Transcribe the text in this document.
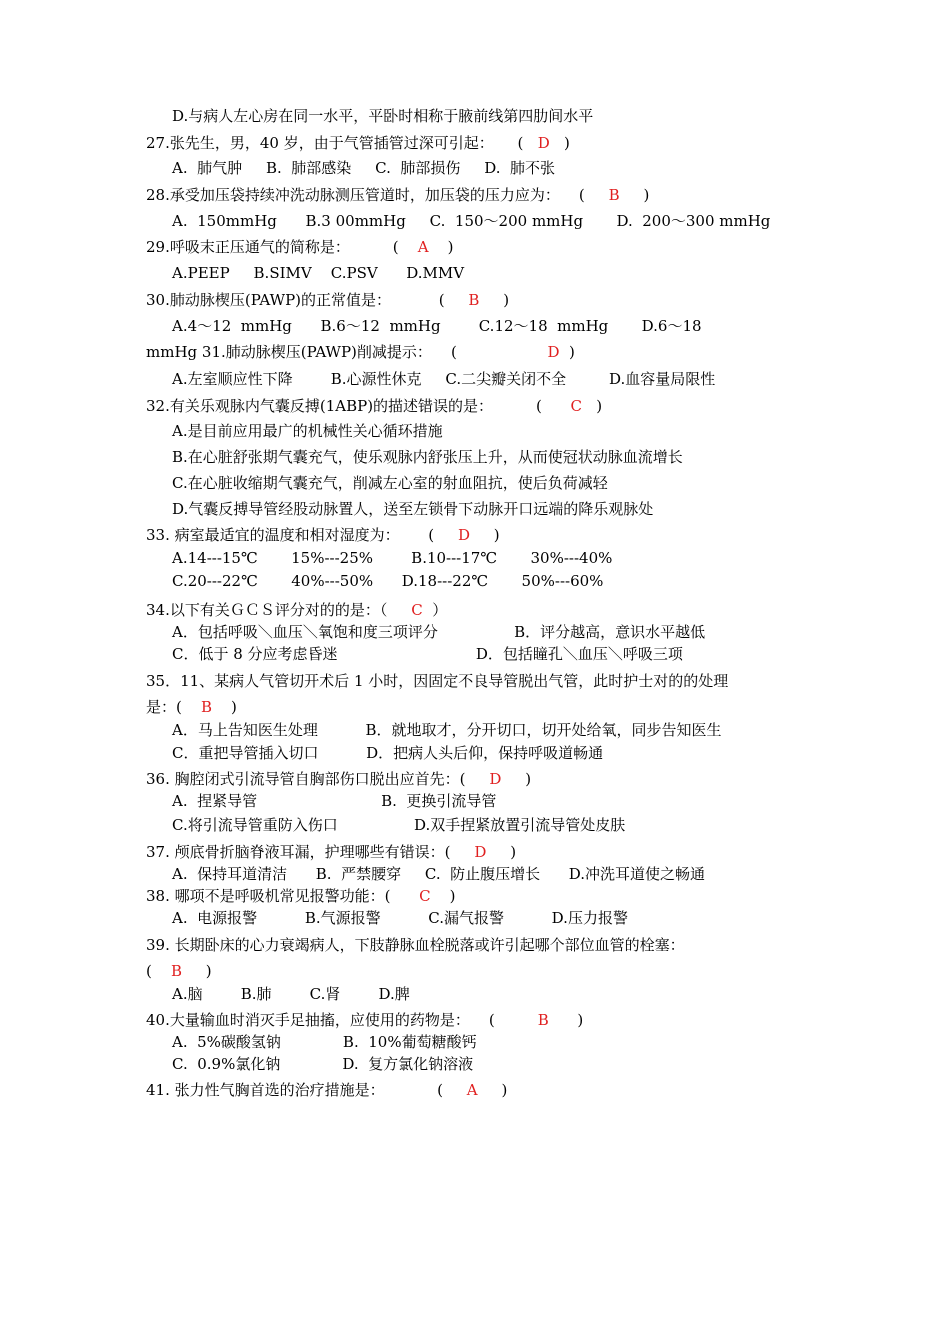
D.与病人左心房在同一水平，平卧时相称于腋前线第四肋间水平
27.张先生，男，40 岁，由于气管插管过深可引起：     (   D   )
A.  肺气肿     B.  肺部感染     C.  肺部损伤     D.  肺不张
28.承受加压袋持续冲洗动脉测压管道时，加压袋的压力应为：    (     B     )
A.  150mmHg      B.3 00mmHg     C.  150～200 mmHg       D.  200～300 mmHg
29.呼吸末正压通气的简称是：         (    A    )
A.PEEP     B.SIMV    C.PSV      D.MMV
30.肺动脉楔压(PAWP)的正常值是：          (     B     )
A.4～12  mmHg      B.6～12  mmHg        C.12～18  mmHg       D.6～18
mmHg 31.肺动脉楔压(PAWP)削减提示：    (                   D  )
A.左室顺应性下降        B.心源性休克     C.二尖瓣关闭不全         D.血容量局限性
32.有关乐观脉内气囊反搏(1ABP)的描述错误的是：         (      C   )
A.是目前应用最广的机械性关心循环措施
B.在心脏舒张期气囊充气，使乐观脉内舒张压上升，从而使冠状动脉血流增长
C.在心脏收缩期气囊充气，削减左心室的射血阻抗，使后负荷减轻
D.气囊反搏导管经股动脉置人，送至左锁骨下动脉开口远端的降乐观脉处
33. 病室最适宜的温度和相对湿度为：      (     D     )
A.14---15℃       15%---25%        B.10---17℃       30%---40%
C.20---22℃       40%---50%      D.18---22℃       50%---60%
34.以下有关ＧＣＳ评分对的的是：（     C  ）
A．包括呼吸＼血压＼氧饱和度三项评分                B．评分越高，意识水平越低
C．低于 8 分应考虑昏迷                             D．包括瞳孔＼血压＼呼吸三项
35．11、某病人气管切开术后 1 小时，因固定不良导管脱出气管，此时护士对的的处理
是：(    B    )
A．马上告知医生处理          B．就地取才，分开切口，切开处给氧，同步告知医生
C．重把导管插入切口          D．把病人头后仰，保持呼吸道畅通
36. 胸腔闭式引流导管自胸部伤口脱出应首先：(     D     )
A.  捏紧导管                          B.  更换引流导管
C.将引流导管重防入伤口                D.双手捏紧放置引流导管处皮肤
37. 颅底骨折脑脊液耳漏，护理哪些有错误：(     D     )
A.  保持耳道清洁      B.  严禁腰穿     C.  防止腹压增长      D.冲洗耳道使之畅通
38. 哪项不是呼吸机常见报警功能：(      C    )
A.  电源报警          B.气源报警          C.漏气报警          D.压力报警
39. 长期卧床的心力衰竭病人，下肢静脉血栓脱落或许引起哪个部位血管的栓塞：
(    B     )
A.脑        B.肺        C.肾        D.脾
40.大量输血时消灭手足抽搐，应使用的药物是：    (         B      )
A.  5%碳酸氢钠             B.  10%葡萄糖酸钙
C.  0.9%氯化钠             D.  复方氯化钠溶液
41. 张力性气胸首选的治疗措施是：           (     A     )
